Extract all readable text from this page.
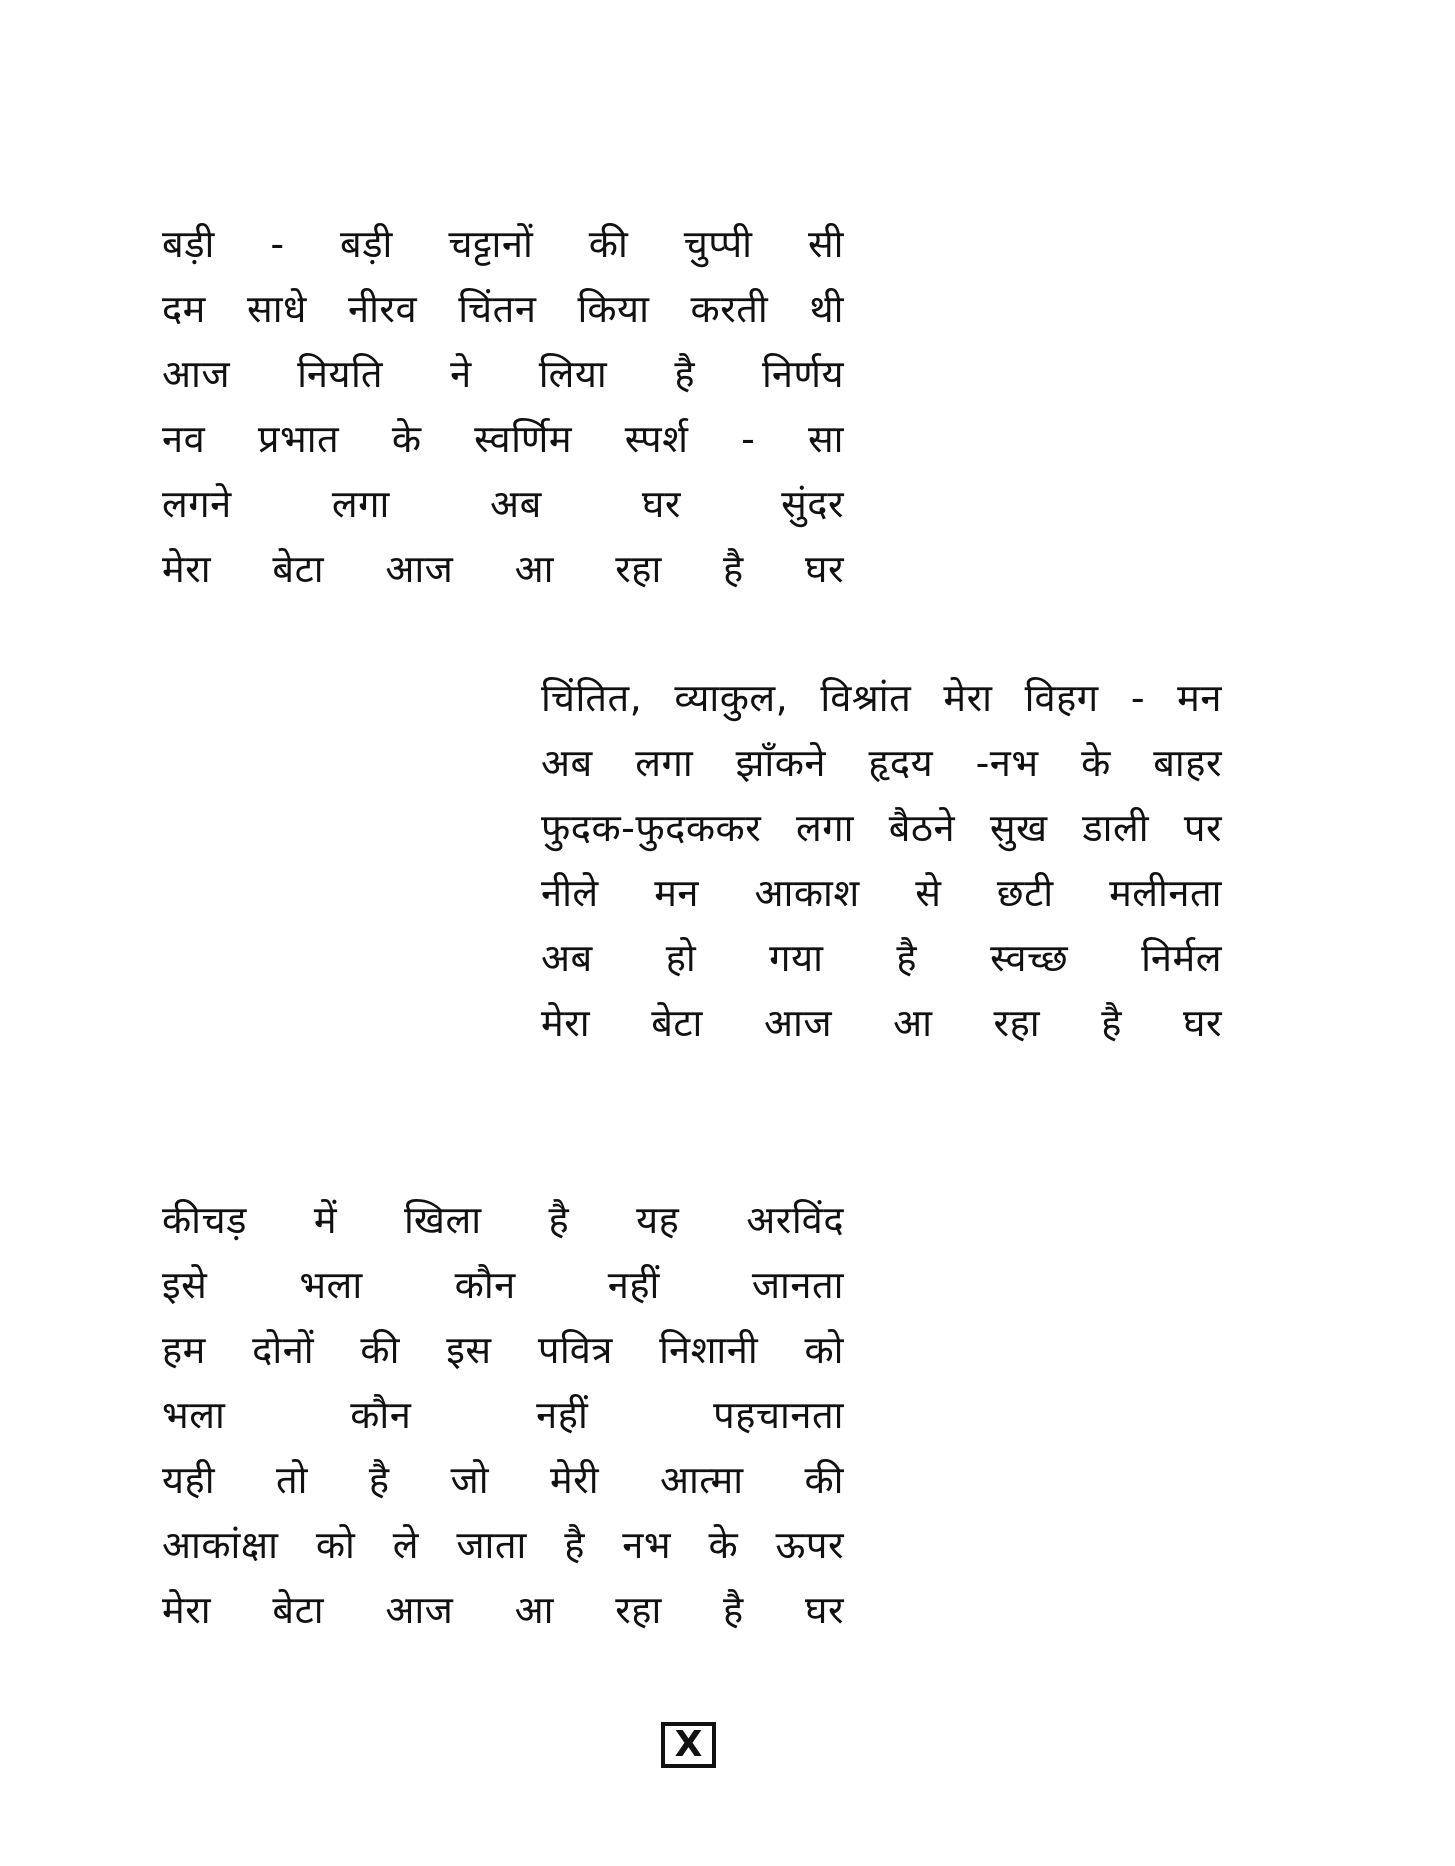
बड़ी - बड़ी चट्टानों की चुप्पी सी
दम साधे नीरव चिंतन किया करती थी
आज नियति ने लिया है निर्णय
नव प्रभात के स्वर्णिम स्पर्श - सा
लगने लगा अब घर सुंदर
मेरा बेटा आज आ रहा है घर
चिंतित, व्याकुल, विश्रांत मेरा विहग - मन
अब लगा झाँकने हृदय -नभ के बाहर
फुदक-फुदककर लगा बैठने सुख डाली पर
नीले मन आकाश से छटी मलीनता
अब हो गया है स्वच्छ निर्मल
मेरा बेटा आज आ रहा है घर
कीचड़ में खिला है यह अरविंद
इसे भला कौन नहीं जानता
हम दोनों की इस पवित्र निशानी को
भला कौन नहीं पहचानता
यही तो है जो मेरी आत्मा की
आकांक्षा को ले जाता है नभ के ऊपर
मेरा बेटा आज आ रहा है घर
X
